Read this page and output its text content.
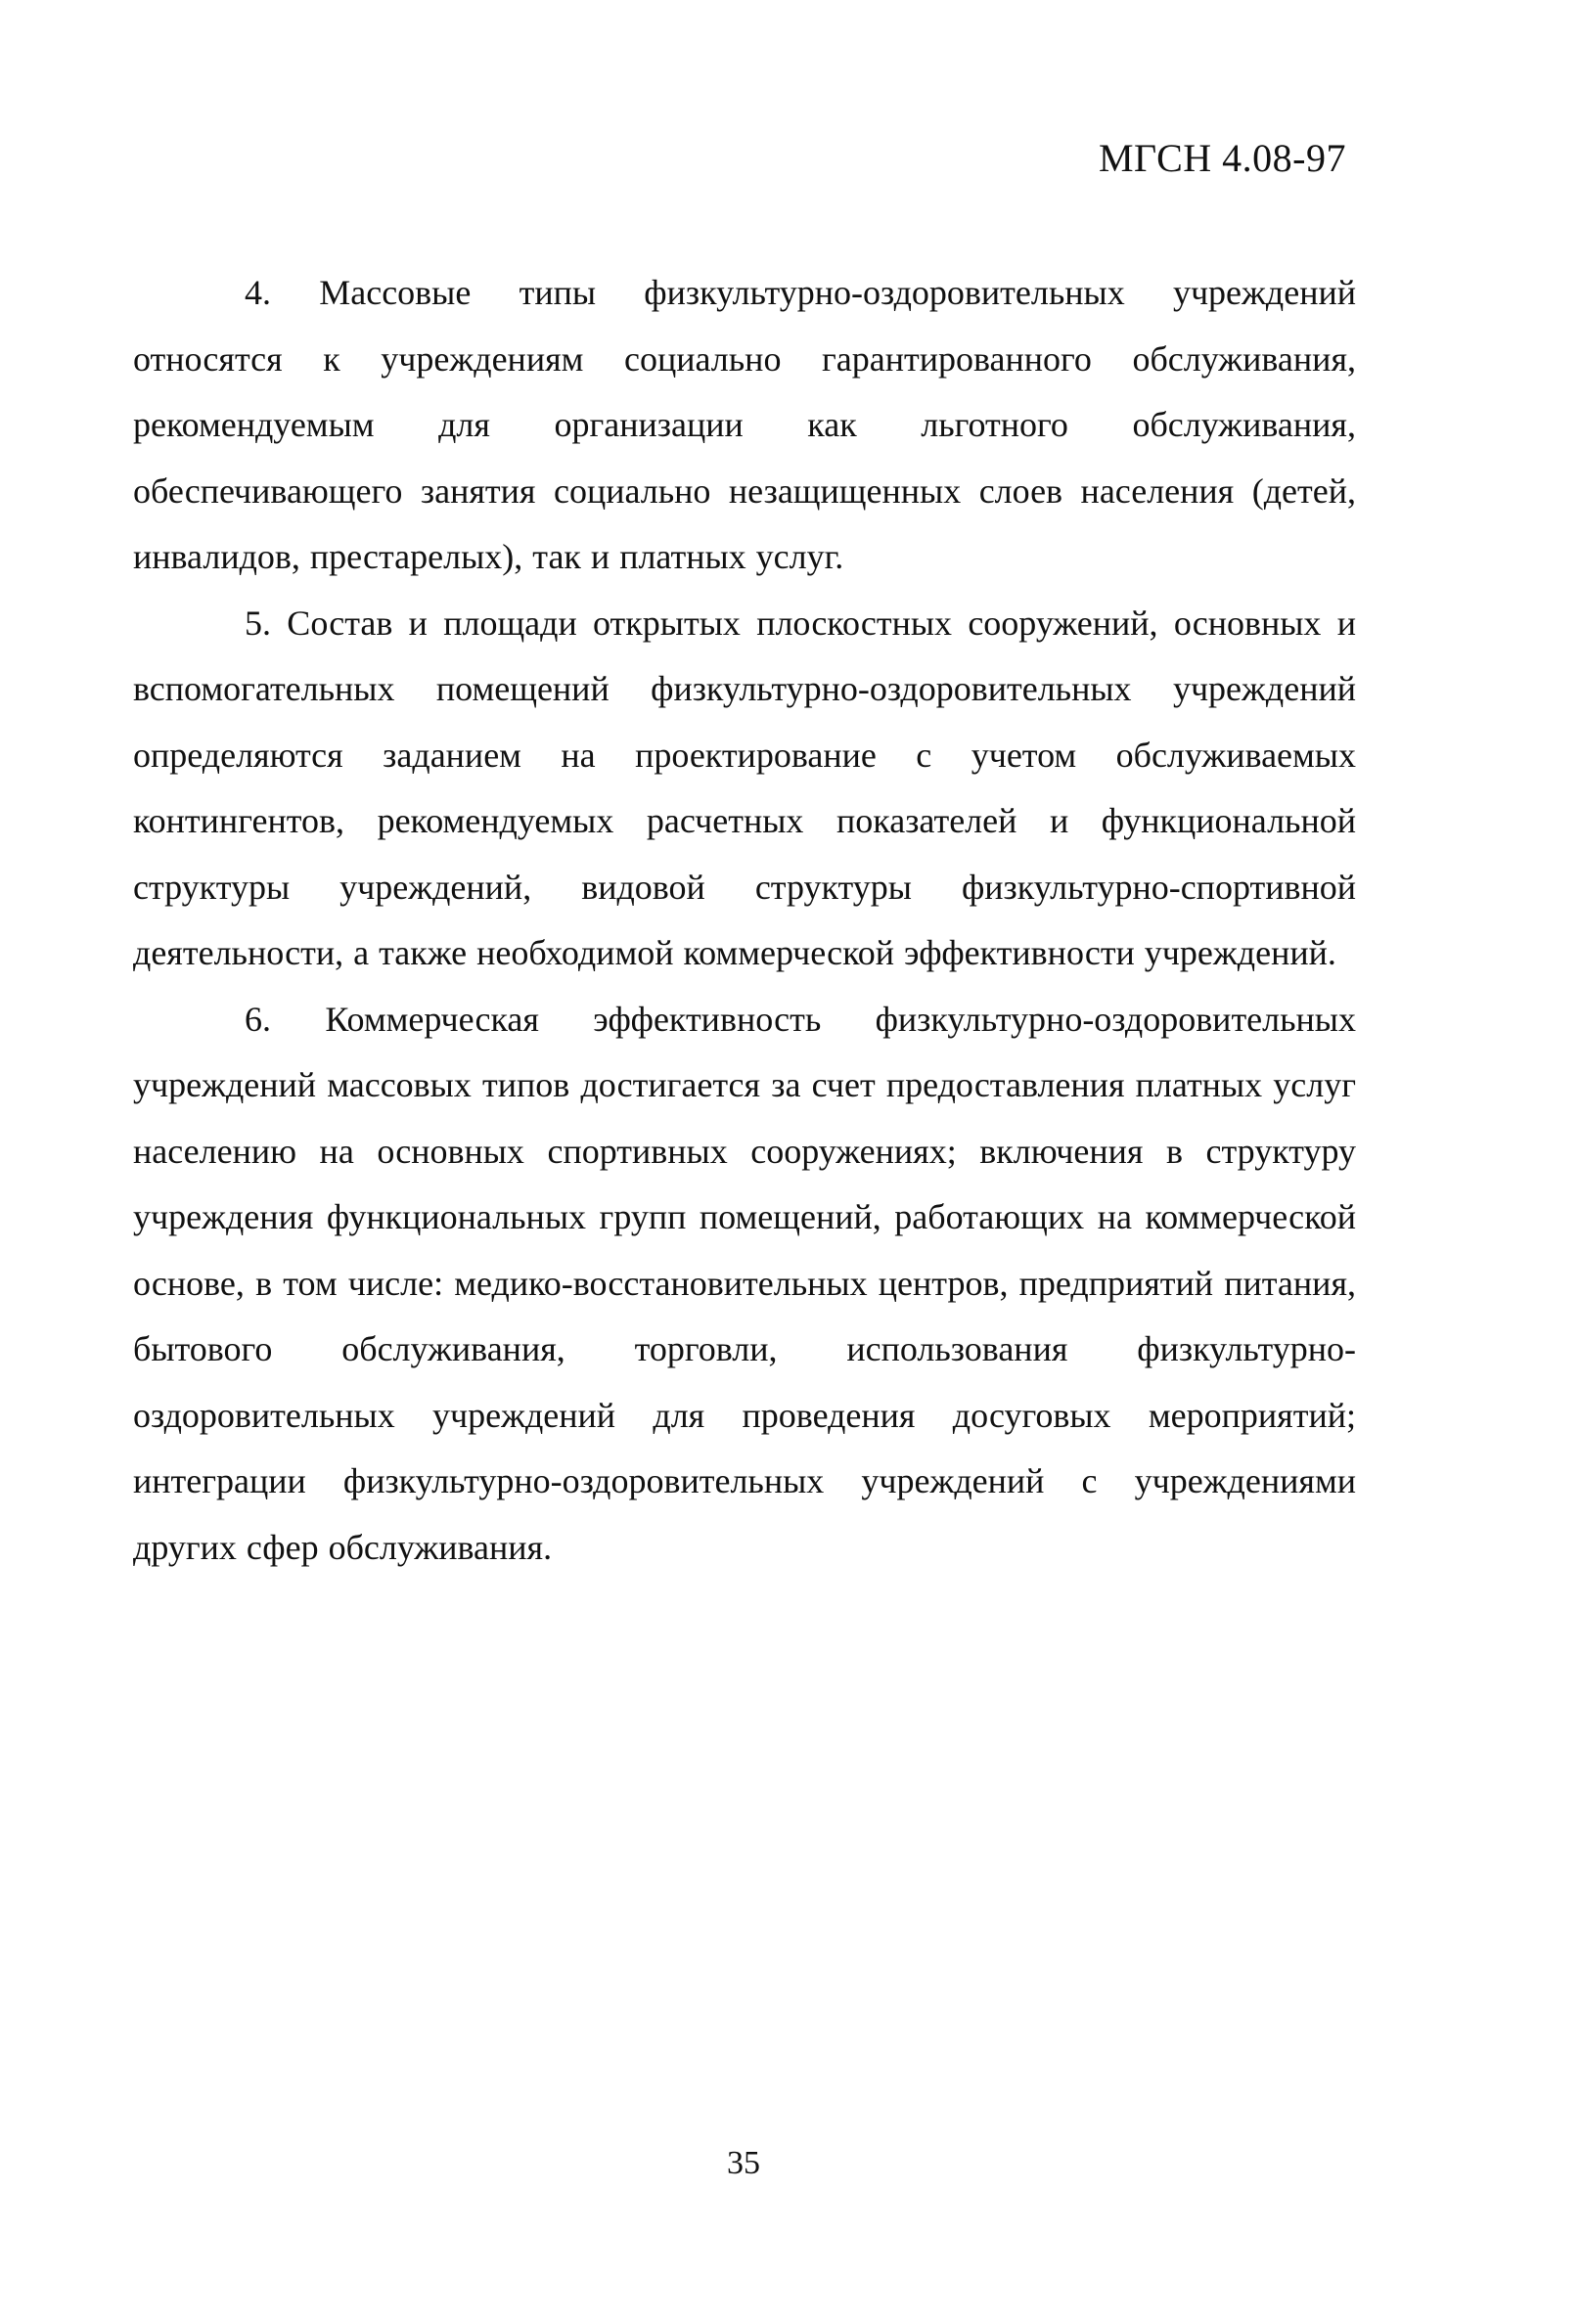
МГСН 4.08-97

4. Массовые типы физкультурно-оздоровительных учреждений относятся к учреждениям социально гарантированного обслуживания, рекомендуемым для организации как льготного обслуживания, обеспечивающего занятия социально незащищенных слоев населения (детей, инвалидов, престарелых), так и платных услуг.

5. Состав и площади открытых плоскостных сооружений, основных и вспомогательных помещений физкультурно-оздоровительных учреждений определяются заданием на проектирование с учетом обслуживаемых контингентов, рекомендуемых расчетных показателей и функциональной структуры учреждений, видовой структуры физкультурно-спортивной деятельности, а также необходимой коммерческой эффективности учреждений.

6. Коммерческая эффективность физкультурно-оздоровительных учреждений массовых типов достигается за счет предоставления платных услуг населению на основных спортивных сооружениях; включения в структуру учреждения функциональных групп помещений, работающих на коммерческой основе, в том числе: медико-восстановительных центров, предприятий питания, бытового обслуживания, торговли, использования физкультурно-оздоровительных учреждений для проведения досуговых мероприятий; интеграции физкультурно-оздоровительных учреждений с учреждениями других сфер обслуживания.

35
